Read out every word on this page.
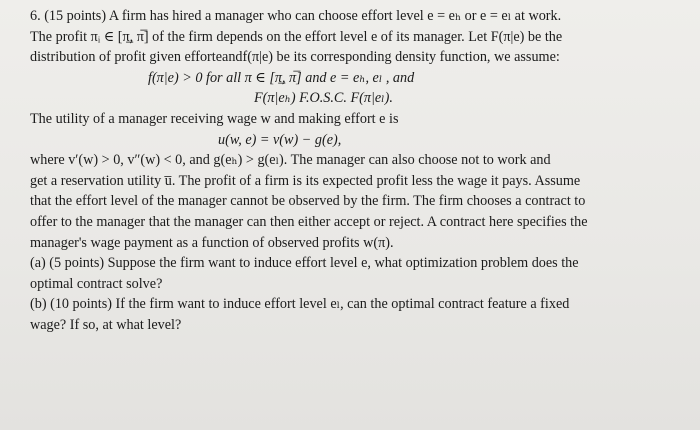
6. (15 points) A firm has hired a manager who can choose effort level e = eₕ or e = eₗ at work.
The profit πᵢ ∈ [π̲, π̅] of the firm depends on the effort level e of its manager. Let F(π|e) be the
distribution of profit given efforteandf(π|e) be its corresponding density function, we assume:
f(π|e) > 0 for all π ∈ [π̲, π̅] and e = eₕ, eₗ , and
F(π|eₕ) F.O.S.C. F(π|eₗ).
The utility of a manager receiving wage w and making effort e is
u(w, e) = v(w) − g(e),
where v′(w) > 0, v″(w) < 0, and g(eₕ) > g(eₗ). The manager can also choose not to work and
get a reservation utility u̅. The profit of a firm is its expected profit less the wage it pays. Assume
that the effort level of the manager cannot be observed by the firm. The firm chooses a contract to
offer to the manager that the manager can then either accept or reject. A contract here specifies the
manager's wage payment as a function of observed profits w(π).
(a) (5 points) Suppose the firm want to induce effort level e, what optimization problem does the
optimal contract solve?
(b) (10 points) If the firm want to induce effort level eₗ, can the optimal contract feature a fixed
wage? If so, at what level?
